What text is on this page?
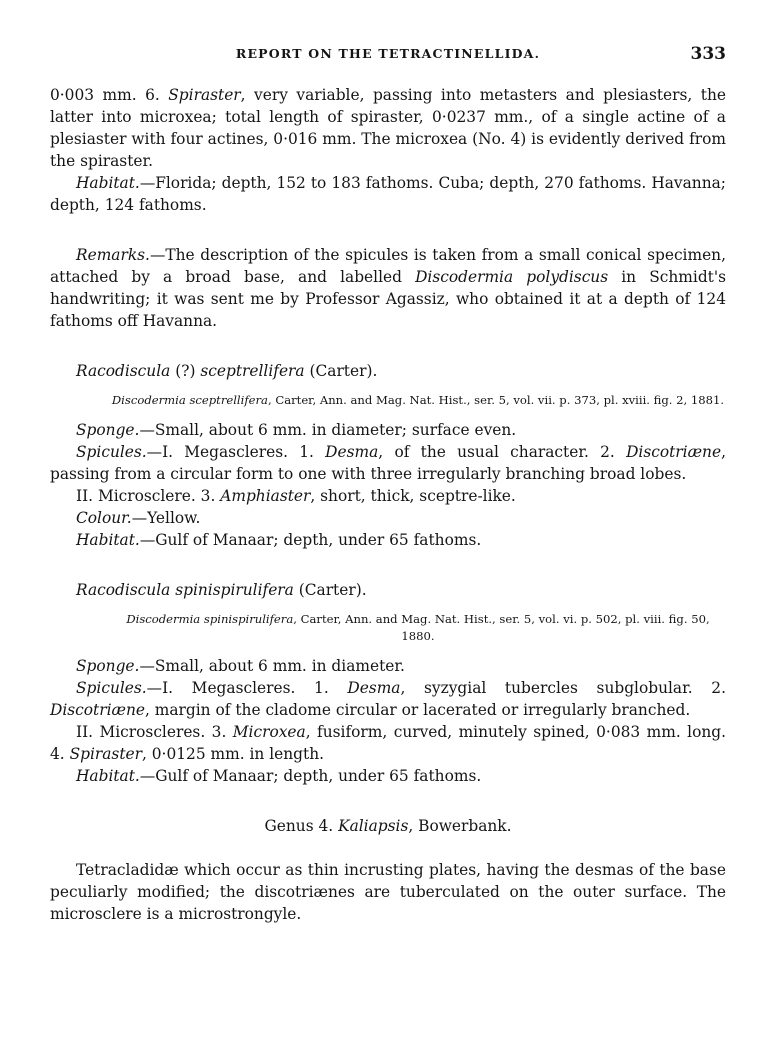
REPORT ON THE TETRACTINELLIDA.	333

0·003 mm. 6. Spiraster, very variable, passing into metasters and plesiasters, the latter into microxea; total length of spiraster, 0·0237 mm., of a single actine of a plesiaster with four actines, 0·016 mm. The microxea (No. 4) is evidently derived from the spiraster.

Habitat.—Florida; depth, 152 to 183 fathoms. Cuba; depth, 270 fathoms. Havanna; depth, 124 fathoms.

Remarks.—The description of the spicules is taken from a small conical specimen, attached by a broad base, and labelled Discodermia polydiscus in Schmidt's handwriting; it was sent me by Professor Agassiz, who obtained it at a depth of 124 fathoms off Havanna.

Racodiscula (?) sceptrellifera (Carter).

Discodermia sceptrellifera, Carter, Ann. and Mag. Nat. Hist., ser. 5, vol. vii. p. 373, pl. xviii. fig. 2, 1881.

Sponge.—Small, about 6 mm. in diameter; surface even.

Spicules.—I. Megascleres. 1. Desma, of the usual character. 2. Discotriæne, passing from a circular form to one with three irregularly branching broad lobes.

II. Microsclere. 3. Amphiaster, short, thick, sceptre-like.

Colour.—Yellow.

Habitat.—Gulf of Manaar; depth, under 65 fathoms.

Racodiscula spinispirulifera (Carter).

Discodermia spinispirulifera, Carter, Ann. and Mag. Nat. Hist., ser. 5, vol. vi. p. 502, pl. viii. fig. 50, 1880.

Sponge.—Small, about 6 mm. in diameter.

Spicules.—I. Megascleres. 1. Desma, syzygial tubercles subglobular. 2. Discotriæne, margin of the cladome circular or lacerated or irregularly branched.

II. Microscleres. 3. Microxea, fusiform, curved, minutely spined, 0·083 mm. long. 4. Spiraster, 0·0125 mm. in length.

Habitat.—Gulf of Manaar; depth, under 65 fathoms.

Genus 4. Kaliapsis, Bowerbank.

Tetracladidæ which occur as thin incrusting plates, having the desmas of the base peculiarly modified; the discotriænes are tuberculated on the outer surface. The microsclere is a microstrongyle.
